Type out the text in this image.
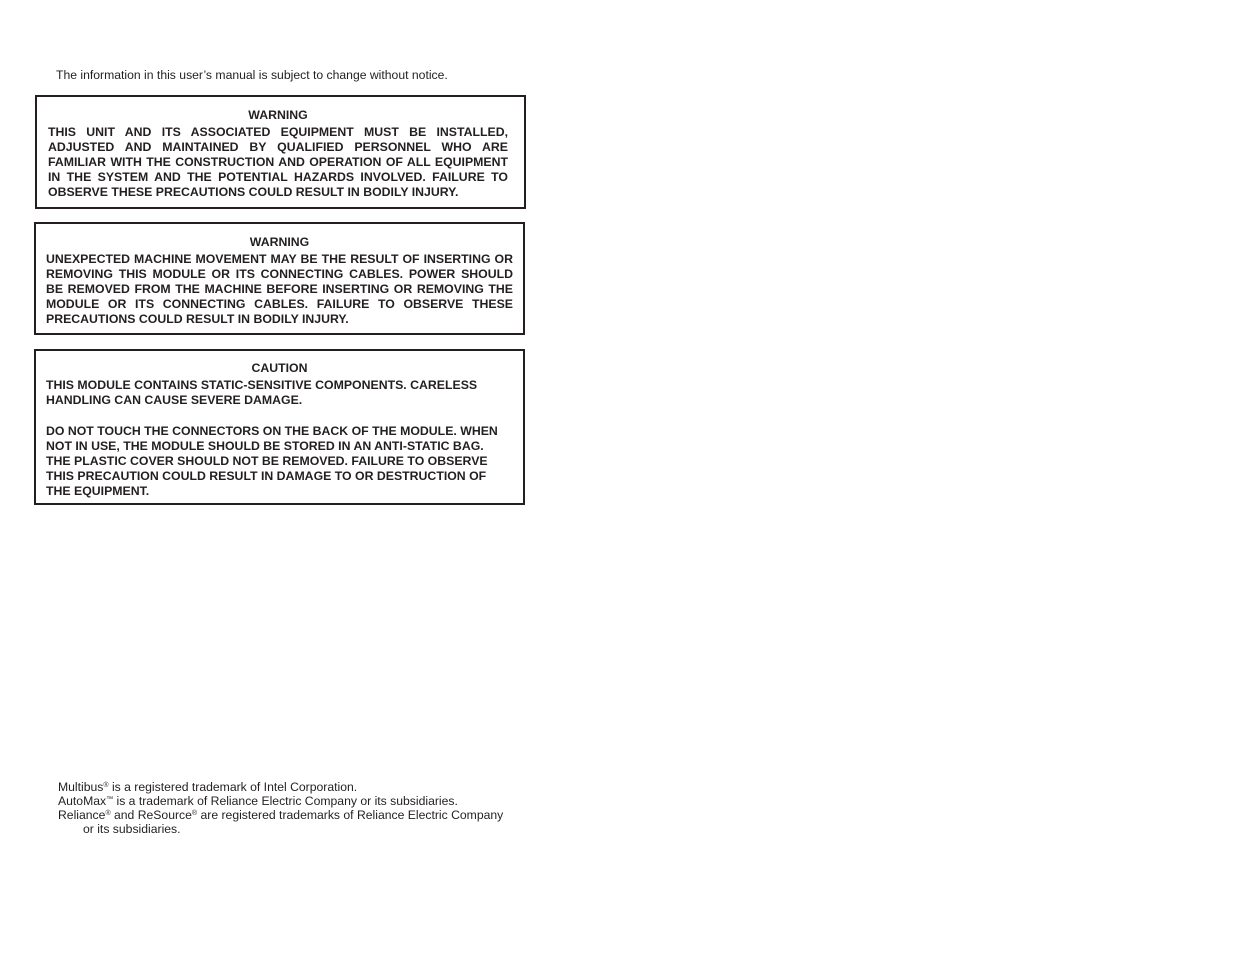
The information in this user’s manual is subject to change without notice.
WARNING

THIS UNIT AND ITS ASSOCIATED EQUIPMENT MUST BE INSTALLED, ADJUSTED AND MAINTAINED BY QUALIFIED PERSONNEL WHO ARE FAMILIAR WITH THE CONSTRUCTION AND OPERATION OF ALL EQUIPMENT IN THE SYSTEM AND THE POTENTIAL HAZARDS INVOLVED. FAILURE TO OBSERVE THESE PRECAUTIONS COULD RESULT IN BODILY INJURY.

WARNING

UNEXPECTED MACHINE MOVEMENT MAY BE THE RESULT OF INSERTING OR REMOVING THIS MODULE OR ITS CONNECTING CABLES. POWER SHOULD BE REMOVED FROM THE MACHINE BEFORE INSERTING OR REMOVING THE MODULE OR ITS CONNECTING CABLES. FAILURE TO OBSERVE THESE PRECAUTIONS COULD RESULT IN BODILY INJURY.

CAUTION

THIS MODULE CONTAINS STATIC-SENSITIVE COMPONENTS. CARELESS
HANDLING CAN CAUSE SEVERE DAMAGE.

DO NOT TOUCH THE CONNECTORS ON THE BACK OF THE MODULE. WHEN
NOT IN USE, THE MODULE SHOULD BE STORED IN AN ANTI-STATIC BAG.
THE PLASTIC COVER SHOULD NOT BE REMOVED. FAILURE TO OBSERVE
THIS PRECAUTION COULD RESULT IN DAMAGE TO OR DESTRUCTION OF
THE EQUIPMENT.

Multibus® is a registered trademark of Intel Corporation.
AutoMax™ is a trademark of Reliance Electric Company or its subsidiaries.
Reliance® and ReSource® are registered trademarks of Reliance Electric Company
or its subsidiaries.
